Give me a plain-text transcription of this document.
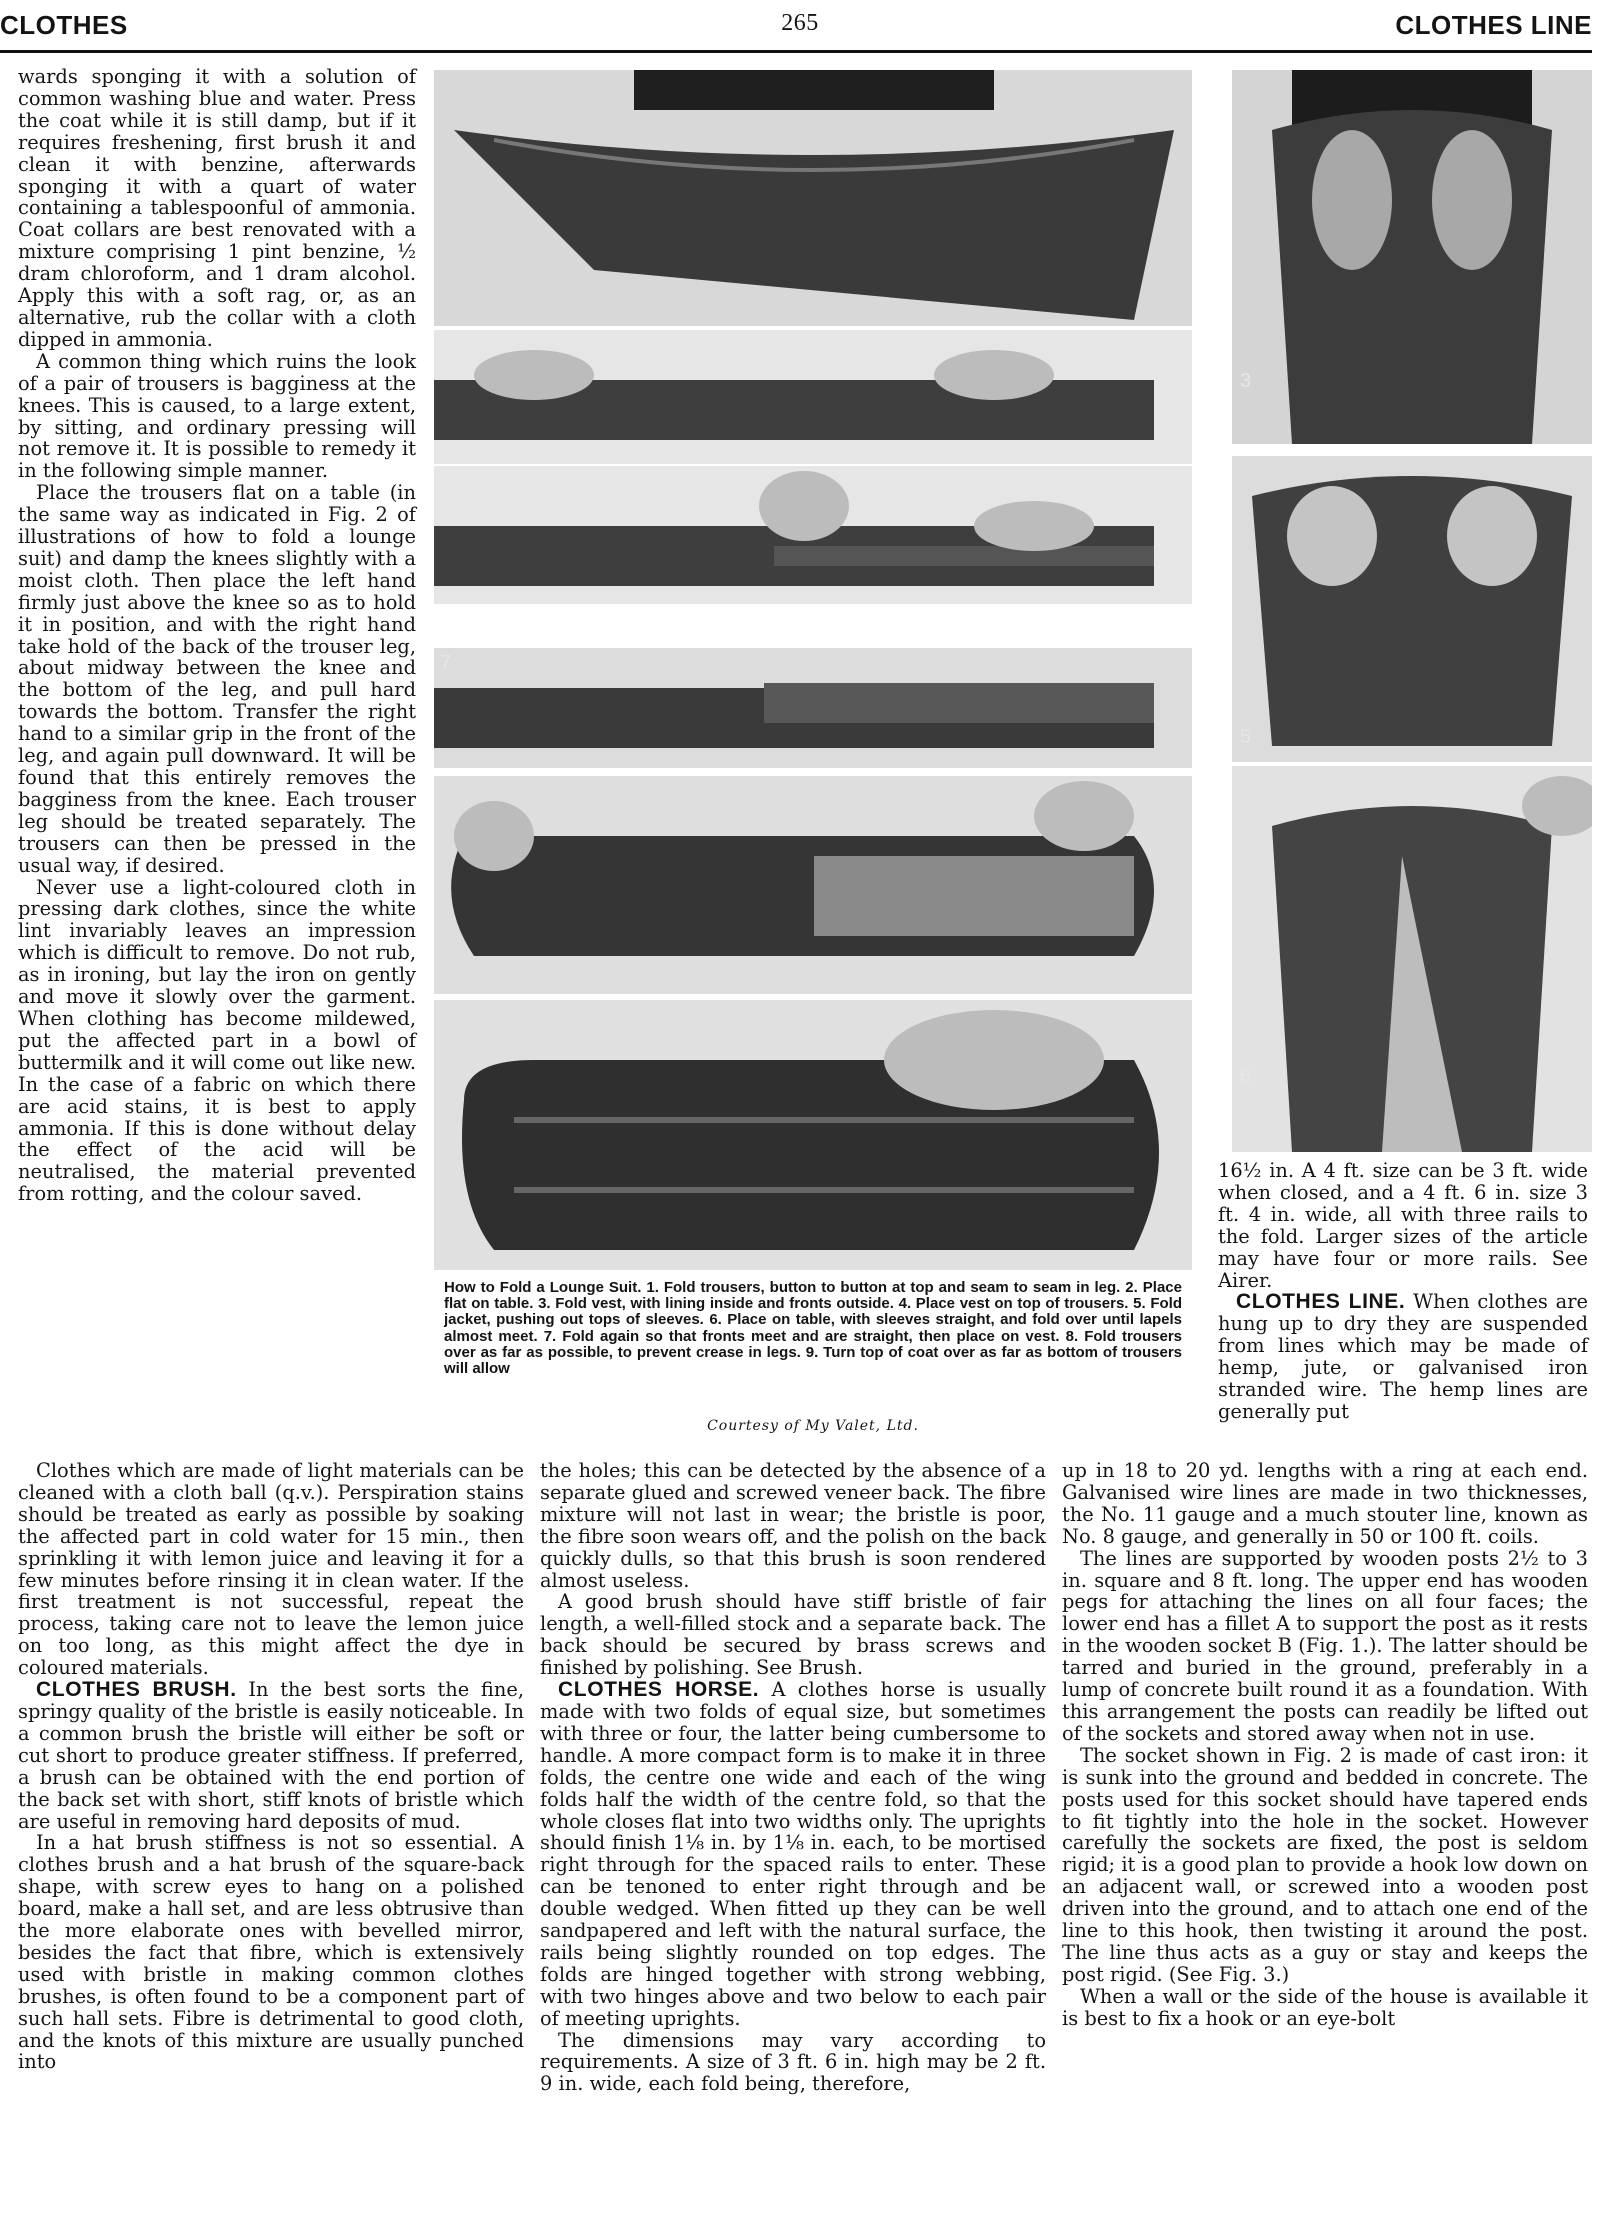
CLOTHES	265	CLOTHES LINE
7
3
5
6
How to Fold a Lounge Suit. 1. Fold trousers, button to button at top and seam to seam in leg. 2. Place flat on table. 3. Fold vest, with lining inside and fronts outside. 4. Place vest on top of trousers. 5. Fold jacket, pushing out tops of sleeves. 6. Place on table, with sleeves straight, and fold over until lapels almost meet. 7. Fold again so that fronts meet and are straight, then place on vest. 8. Fold trousers over as far as possible, to prevent crease in legs. 9. Turn top of coat over as far as bottom of trousers will allow
Courtesy of My Valet, Ltd.

wards sponging it with a solution of common washing blue and water. Press the coat while it is still damp, but if it requires freshening, first brush it and clean it with benzine, afterwards sponging it with a quart of water containing a tablespoonful of ammonia. Coat collars are best renovated with a mixture comprising 1 pint benzine, ½ dram chloroform, and 1 dram alcohol. Apply this with a soft rag, or, as an alternative, rub the collar with a cloth dipped in ammonia.

A common thing which ruins the look of a pair of trousers is bagginess at the knees. This is caused, to a large extent, by sitting, and ordinary pressing will not remove it. It is possible to remedy it in the following simple manner.

Place the trousers flat on a table (in the same way as indicated in Fig. 2 of illustrations of how to fold a lounge suit) and damp the knees slightly with a moist cloth. Then place the left hand firmly just above the knee so as to hold it in position, and with the right hand take hold of the back of the trouser leg, about midway between the knee and the bottom of the leg, and pull hard towards the bottom. Transfer the right hand to a similar grip in the front of the leg, and again pull downward. It will be found that this entirely removes the bagginess from the knee. Each trouser leg should be treated separately. The trousers can then be pressed in the usual way, if desired.

Never use a light-coloured cloth in pressing dark clothes, since the white lint invariably leaves an impression which is difficult to remove. Do not rub, as in ironing, but lay the iron on gently and move it slowly over the garment. When clothing has become mildewed, put the affected part in a bowl of buttermilk and it will come out like new. In the case of a fabric on which there are acid stains, it is best to apply ammonia. If this is done without delay the effect of the acid will be neutralised, the material prevented from rotting, and the colour saved.

Clothes which are made of light materials can be cleaned with a cloth ball (q.v.). Perspiration stains should be treated as early as possible by soaking the affected part in cold water for 15 min., then sprinkling it with lemon juice and leaving it for a few minutes before rinsing it in clean water. If the first treatment is not successful, repeat the process, taking care not to leave the lemon juice on too long, as this might affect the dye in coloured materials.

CLOTHES BRUSH. In the best sorts the fine, springy quality of the bristle is easily noticeable. In a common brush the bristle will either be soft or cut short to produce greater stiffness. If preferred, a brush can be obtained with the end portion of the back set with short, stiff knots of bristle which are useful in removing hard deposits of mud.

In a hat brush stiffness is not so essential. A clothes brush and a hat brush of the square-back shape, with screw eyes to hang on a polished board, make a hall set, and are less obtrusive than the more elaborate ones with bevelled mirror, besides the fact that fibre, which is extensively used with bristle in making common clothes brushes, is often found to be a component part of such hall sets. Fibre is detrimental to good cloth, and the knots of this mixture are usually punched into

the holes; this can be detected by the absence of a separate glued and screwed veneer back. The fibre mixture will not last in wear; the bristle is poor, the fibre soon wears off, and the polish on the back quickly dulls, so that this brush is soon rendered almost useless.

A good brush should have stiff bristle of fair length, a well-filled stock and a separate back. The back should be secured by brass screws and finished by polishing. See Brush.

CLOTHES HORSE. A clothes horse is usually made with two folds of equal size, but sometimes with three or four, the latter being cumbersome to handle. A more compact form is to make it in three folds, the centre one wide and each of the wing folds half the width of the centre fold, so that the whole closes flat into two widths only. The uprights should finish 1⅛ in. by 1⅛ in. each, to be mortised right through for the spaced rails to enter. These can be tenoned to enter right through and be double wedged. When fitted up they can be well sandpapered and left with the natural surface, the rails being slightly rounded on top edges. The folds are hinged together with strong webbing, with two hinges above and two below to each pair of meeting uprights.

The dimensions may vary according to requirements. A size of 3 ft. 6 in. high may be 2 ft. 9 in. wide, each fold being, therefore,

16½ in. A 4 ft. size can be 3 ft. wide when closed, and a 4 ft. 6 in. size 3 ft. 4 in. wide, all with three rails to the fold. Larger sizes of the article may have four or more rails. See Airer.

CLOTHES LINE. When clothes are hung up to dry they are suspended from lines which may be made of hemp, jute, or galvanised iron stranded wire. The hemp lines are generally put

up in 18 to 20 yd. lengths with a ring at each end. Galvanised wire lines are made in two thicknesses, the No. 11 gauge and a much stouter line, known as No. 8 gauge, and generally in 50 or 100 ft. coils.

The lines are supported by wooden posts 2½ to 3 in. square and 8 ft. long. The upper end has wooden pegs for attaching the lines on all four faces; the lower end has a fillet A to support the post as it rests in the wooden socket B (Fig. 1.). The latter should be tarred and buried in the ground, preferably in a lump of concrete built round it as a foundation. With this arrangement the posts can readily be lifted out of the sockets and stored away when not in use.

The socket shown in Fig. 2 is made of cast iron: it is sunk into the ground and bedded in concrete. The posts used for this socket should have tapered ends to fit tightly into the hole in the socket. However carefully the sockets are fixed, the post is seldom rigid; it is a good plan to provide a hook low down on an adjacent wall, or screwed into a wooden post driven into the ground, and to attach one end of the line to this hook, then twisting it around the post. The line thus acts as a guy or stay and keeps the post rigid. (See Fig. 3.)

When a wall or the side of the house is available it is best to fix a hook or an eye-bolt
